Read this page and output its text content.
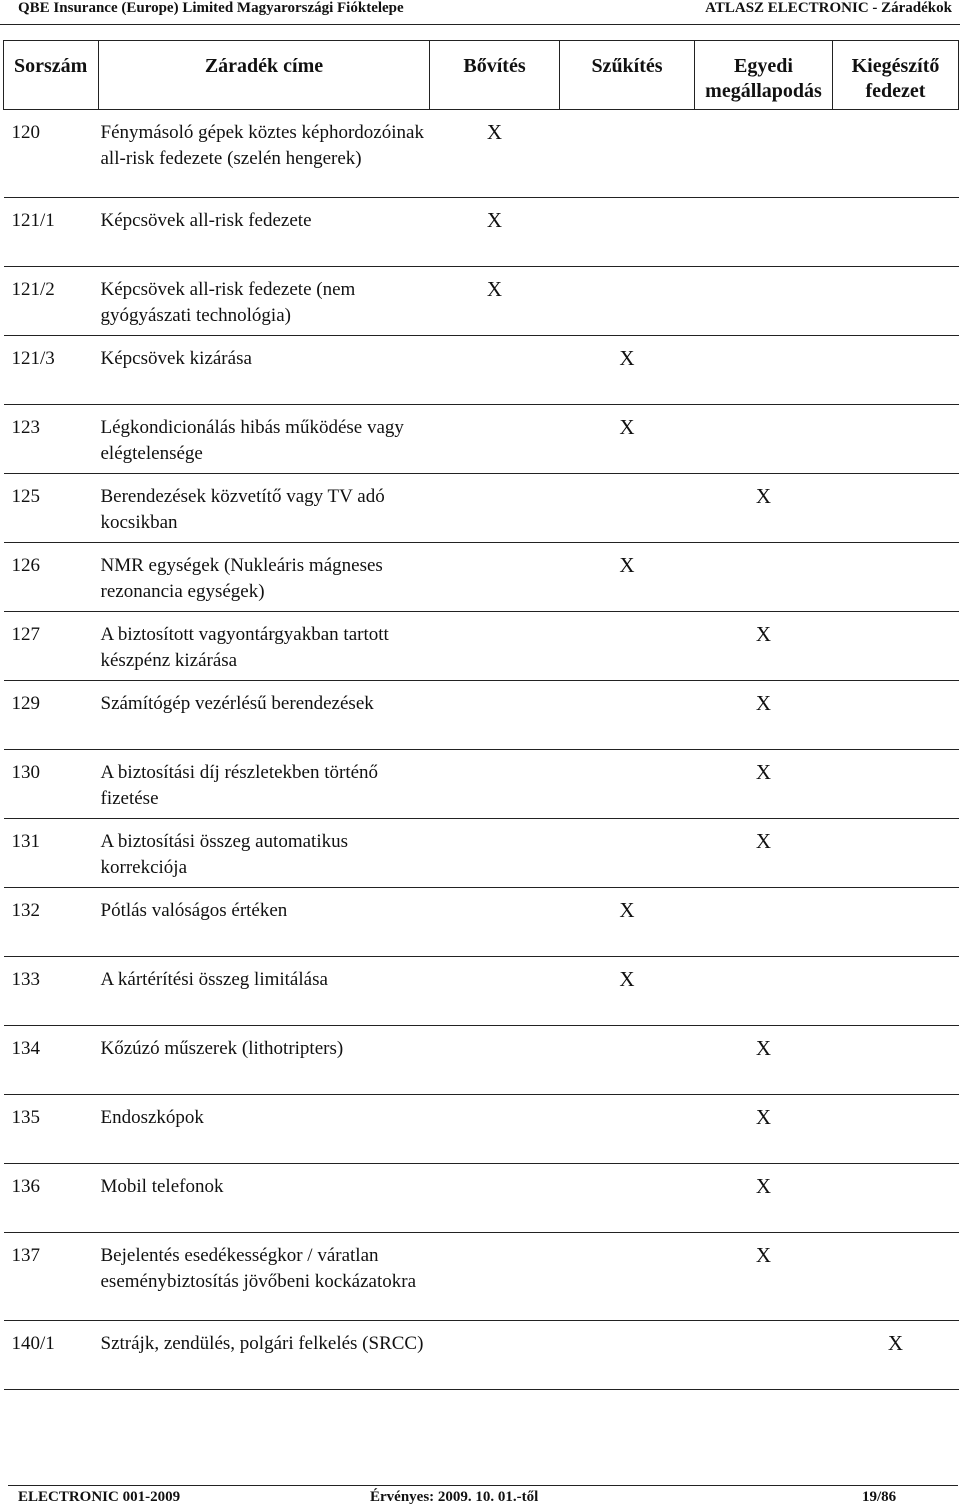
QBE Insurance (Europe) Limited Magyarországi Fióktelepe	ATLASZ ELECTRONIC - Záradékok
Sorszám	Záradék címe	Bővítés	Szűkítés	Egyedi megállapodás	Kiegészítő fedezet
120	Fénymásoló gépek köztes képhordozóinak all-risk fedezete (szelén hengerek)	X			
121/1	Képcsövek all-risk fedezete	X			
121/2	Képcsövek all-risk fedezete (nem gyógyászati technológia)	X			
121/3	Képcsövek kizárása		X		
123	Légkondicionálás hibás működése vagy elégtelensége		X		
125	Berendezések közvetítő vagy TV adó kocsikban			X	
126	NMR egységek (Nukleáris mágneses rezonancia egységek)		X		
127	A biztosított vagyontárgyakban tartott készpénz kizárása			X	
129	Számítógép vezérlésű berendezések			X	
130	A biztosítási díj részletekben történő fizetése			X	
131	A biztosítási összeg automatikus korrekciója			X	
132	Pótlás valóságos értéken		X		
133	A kártérítési összeg limitálása		X		
134	Kőzúzó műszerek (lithotripters)			X	
135	Endoszkópok			X	
136	Mobil telefonok			X	
137	Bejelentés esedékességkor / váratlan eseménybiztosítás jövőbeni kockázatokra			X	
140/1	Sztrájk, zendülés, polgári felkelés (SRCC)				X
ELECTRONIC 001-2009	Érvényes: 2009. 10. 01.-től	19/86
